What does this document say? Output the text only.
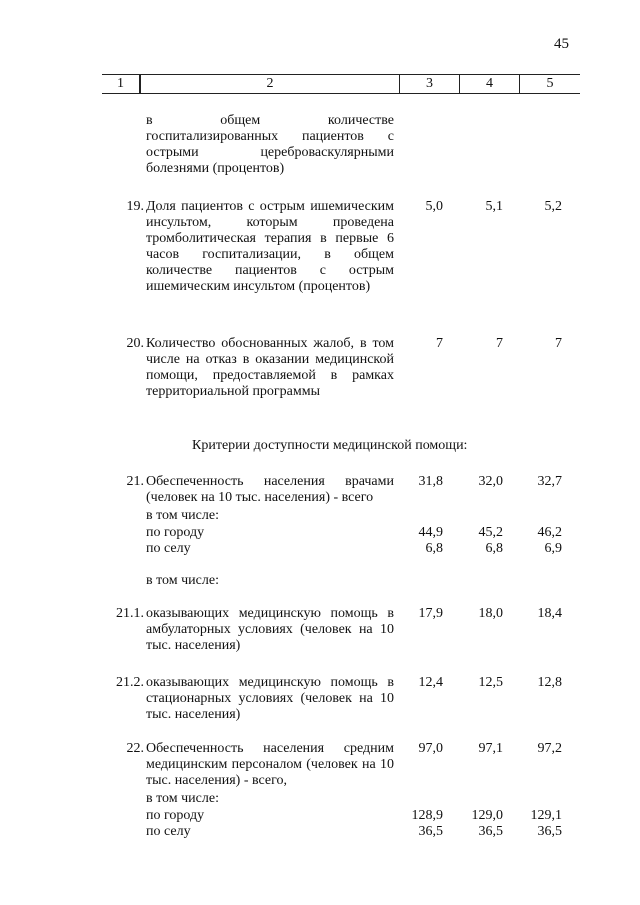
45
1	2	3	4	5
в общем количестве госпитализированных пациентов с острыми цереброваскулярными болезнями (процентов)
19. Доля пациентов с острым ишемическим инсультом, которым проведена тромболитическая терапия в первые 6 часов госпитализации, в общем количестве пациентов с острым ишемическим инсультом (процентов)
5,0	5,1	5,2
20. Количество обоснованных жалоб, в том числе на отказ в оказании медицинской помощи, предоставляемой в рамках территориальной программы
7	7	7
Критерии доступности медицинской помощи:
21. Обеспеченность населения врачами (человек на 10 тыс. населения) - всего
31,8	32,0	32,7
в том числе:
по городу	44,9	45,2	46,2
по селу	6,8	6,8	6,9
в том числе:
21.1. оказывающих медицинскую помощь в амбулаторных условиях (человек на 10 тыс. населения)
17,9	18,0	18,4
21.2. оказывающих медицинскую помощь в стационарных условиях (человек на 10 тыс. населения)
12,4	12,5	12,8
22. Обеспеченность населения средним медицинским персоналом (человек на 10 тыс. населения) - всего,
97,0	97,1	97,2
в том числе:
по городу	128,9	129,0	129,1
по селу	36,5	36,5	36,5
